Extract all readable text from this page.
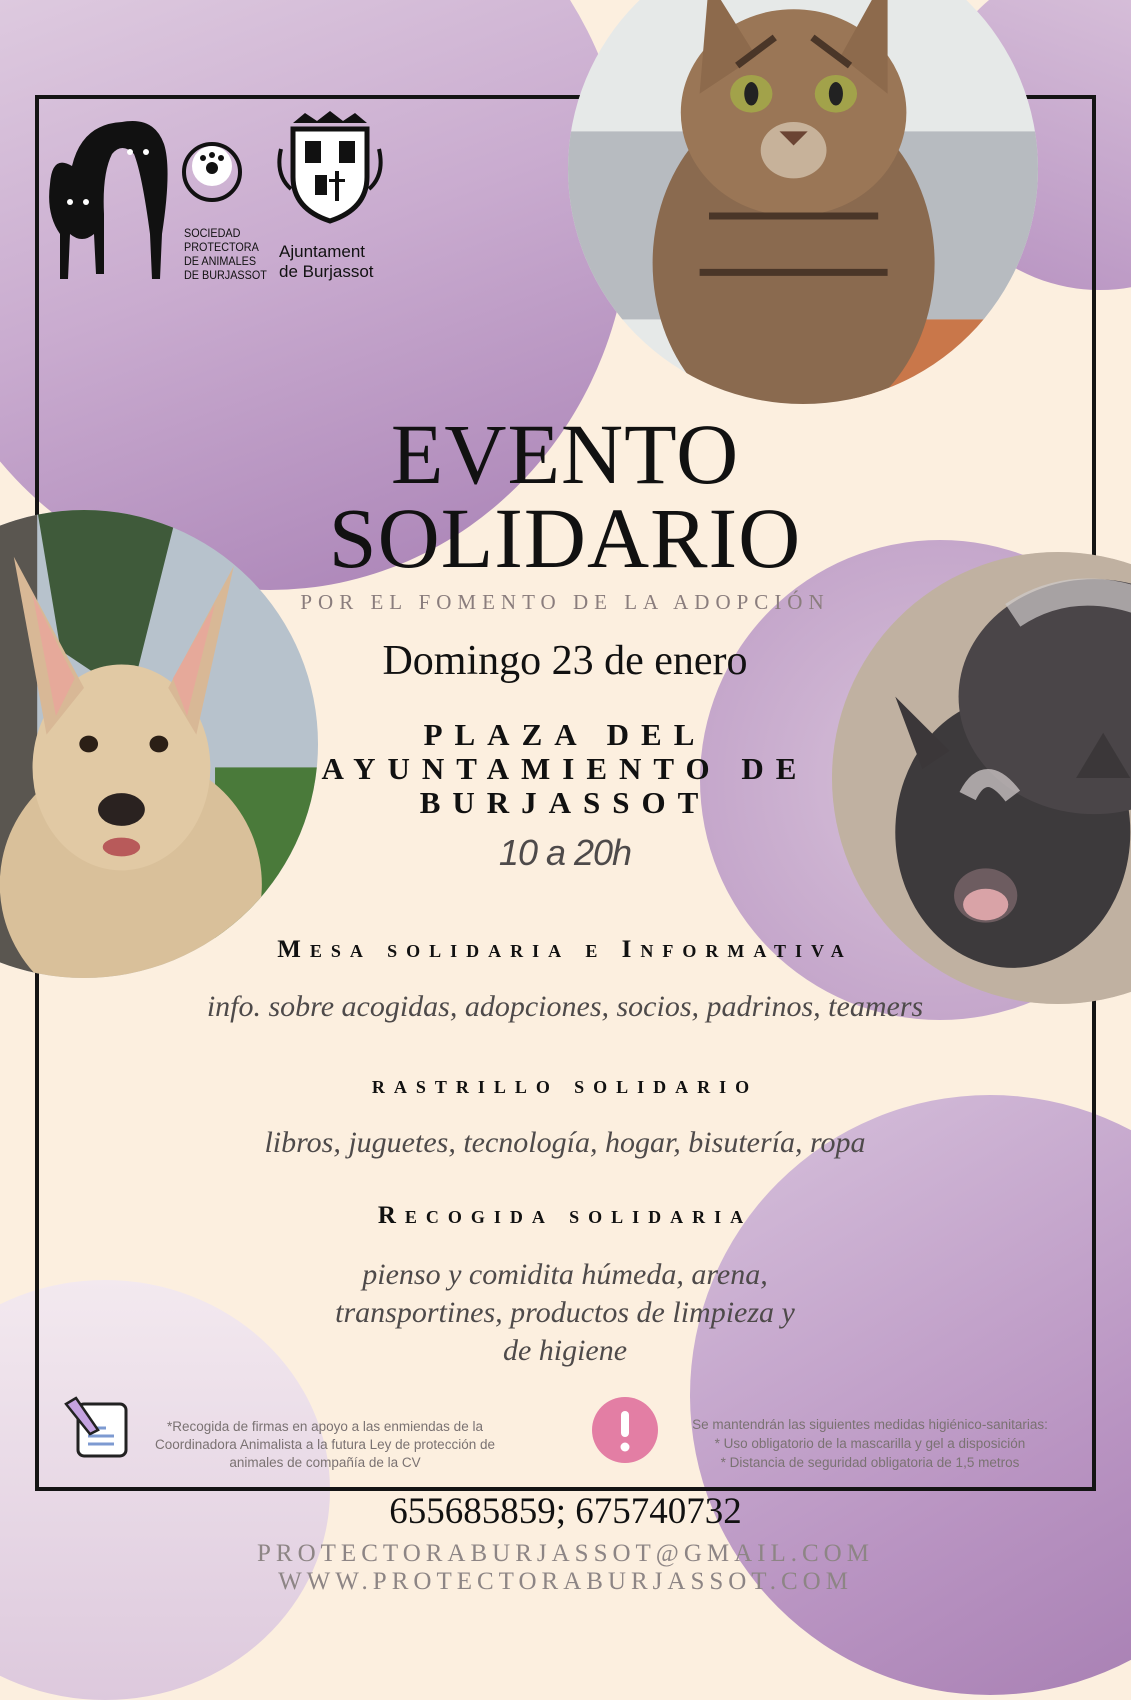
SOCIEDAD
PROTECTORA
DE ANIMALES
DE BURJASSOT
Ajuntament
de Burjassot
EVENTO
SOLIDARIO
POR EL FOMENTO DE LA ADOPCIÓN
Domingo 23 de enero
PLAZA DEL
AYUNTAMIENTO DE
BURJASSOT
10 a 20h
Mesa solidaria e Informativa
info. sobre acogidas, adopciones, socios, padrinos, teamers
rastrillo solidario
libros, juguetes, tecnología, hogar, bisutería, ropa
Recogida solidaria
pienso y comidita húmeda, arena,
transportines, productos de limpieza y
de higiene
*Recogida de firmas en apoyo a las enmiendas de la Coordinadora Animalista a la futura Ley de protección de animales de compañía de la CV
Se mantendrán las siguientes medidas higiénico-sanitarias:
* Uso obligatorio de la mascarilla y gel a disposición
* Distancia de seguridad obligatoria de 1,5 metros
655685859; 675740732
PROTECTORABURJASSOT@GMAIL.COM
WWW.PROTECTORABURJASSOT.COM
